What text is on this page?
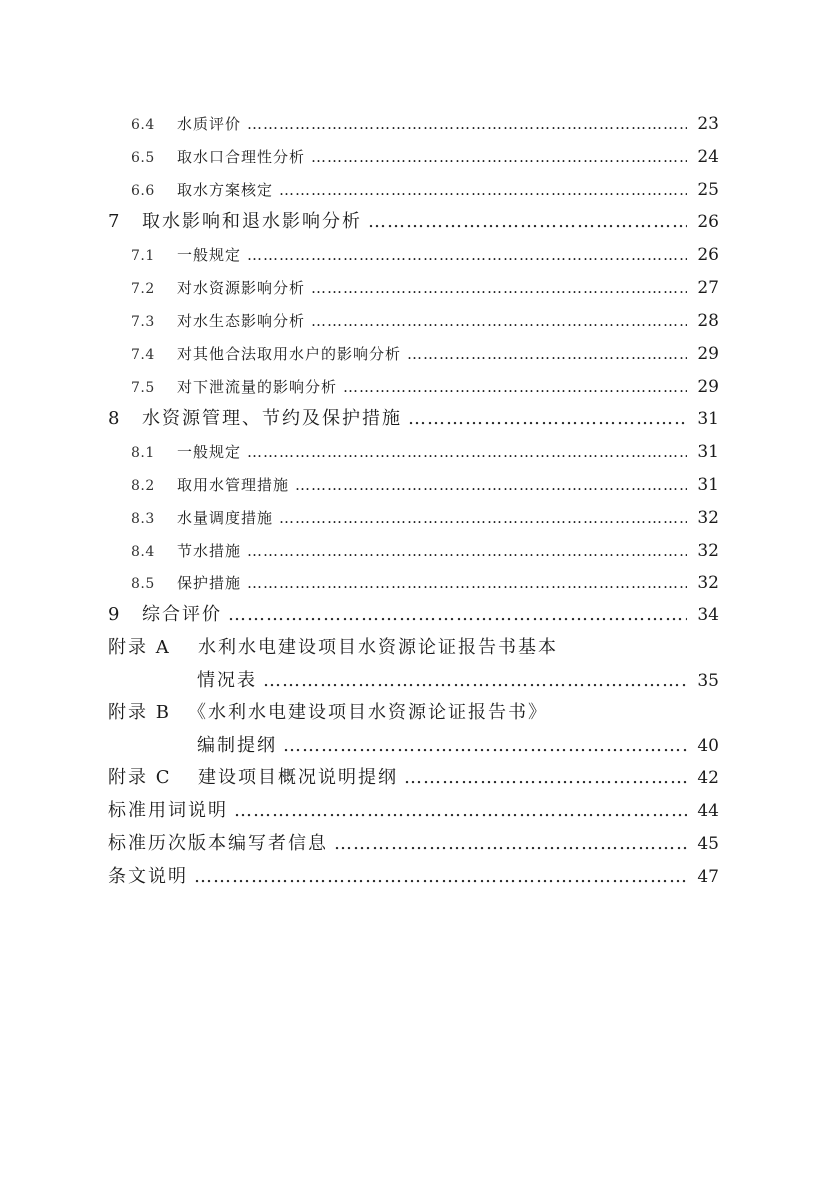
6.4	水质评价 ……………………………………………………………………………………………………………………………………………………	23
6.5	取水口合理性分析 ……………………………………………………………………………………………………………………………………………………	24
6.6	取水方案核定 ……………………………………………………………………………………………………………………………………………………	25
7	取水影响和退水影响分析 ……………………………………………………………………………………………………………………………………………………	26
7.1	一般规定 ……………………………………………………………………………………………………………………………………………………	26
7.2	对水资源影响分析 ……………………………………………………………………………………………………………………………………………………	27
7.3	对水生态影响分析 ……………………………………………………………………………………………………………………………………………………	28
7.4	对其他合法取用水户的影响分析 ……………………………………………………………………………………………………………………………………………………	29
7.5	对下泄流量的影响分析 ……………………………………………………………………………………………………………………………………………………	29
8	水资源管理、节约及保护措施 ……………………………………………………………………………………………………………………………………………………	31
8.1	一般规定 ……………………………………………………………………………………………………………………………………………………	31
8.2	取用水管理措施 ……………………………………………………………………………………………………………………………………………………	31
8.3	水量调度措施 ……………………………………………………………………………………………………………………………………………………	32
8.4	节水措施 ……………………………………………………………………………………………………………………………………………………	32
8.5	保护措施 ……………………………………………………………………………………………………………………………………………………	32
9	综合评价 ……………………………………………………………………………………………………………………………………………………	34
附录 A	水利水电建设项目水资源论证报告书基本
情况表 ……………………………………………………………………………………………………………………………………………………	35
附录 B 《水利水电建设项目水资源论证报告书》
编制提纲 ……………………………………………………………………………………………………………………………………………………	40
附录 C	建设项目概况说明提纲 ……………………………………………………………………………………………………………………………………………………	42
标准用词说明 ……………………………………………………………………………………………………………………………………………………	44
标准历次版本编写者信息 ……………………………………………………………………………………………………………………………………………………	45
条文说明 ……………………………………………………………………………………………………………………………………………………	47
